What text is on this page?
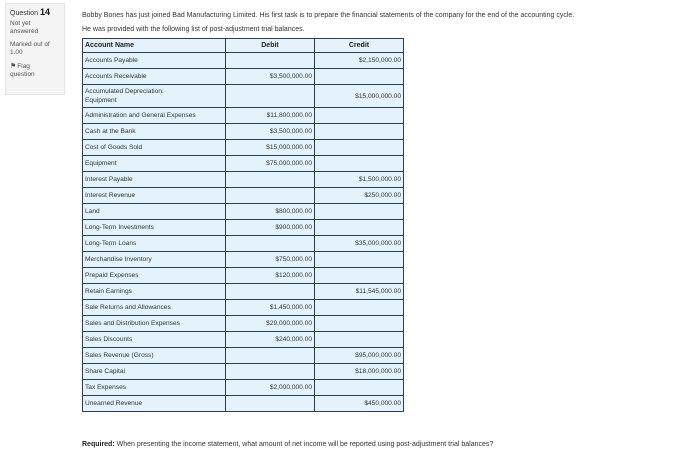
Question 14
Not yet
answered
Marked out of
1.00
⚑Flag
question
Bobby Bones has just joined Bad Manufacturing Limited. His first task is to prepare the financial statements of the company for the end of the accounting cycle.
He was provided with the following list of post-adjustment trial balances.
Account Name	Debit	Credit
Accounts Payable		$2,150,000.00
Accounts Receivable	$3,500,000.00	
Accumulated Depreciation:
Equipment		$15,000,000.00
Administration and General Expenses	$11,800,000.00	
Cash at the Bank	$3,500,000.00	
Cost of Goods Sold	$15,000,000.00	
Equipment	$75,000,000.00	
Interest Payable		$1,500,000.00
Interest Revenue		$250,000.00
Land	$800,000.00	
Long-Term Investments	$900,000.00	
Long-Term Loans		$35,000,000.00
Merchandise Inventory	$750,000.00	
Prepaid Expenses	$120,000.00	
Retain Earnings		$11,545,000.00
Sale Returns and Allowances	$1,450,000.00	
Sales and Distribution Expenses	$29,000,000.00	
Sales Discounts	$240,000.00	
Sales Revenue (Gross)		$95,000,000.00
Share Capital		$18,000,000.00
Tax Expenses	$2,000,000.00	
Unearned Revenue		$450,000.00
Required: When presenting the income statement, what amount of net income will be reported using post-adjustment trial balances?
